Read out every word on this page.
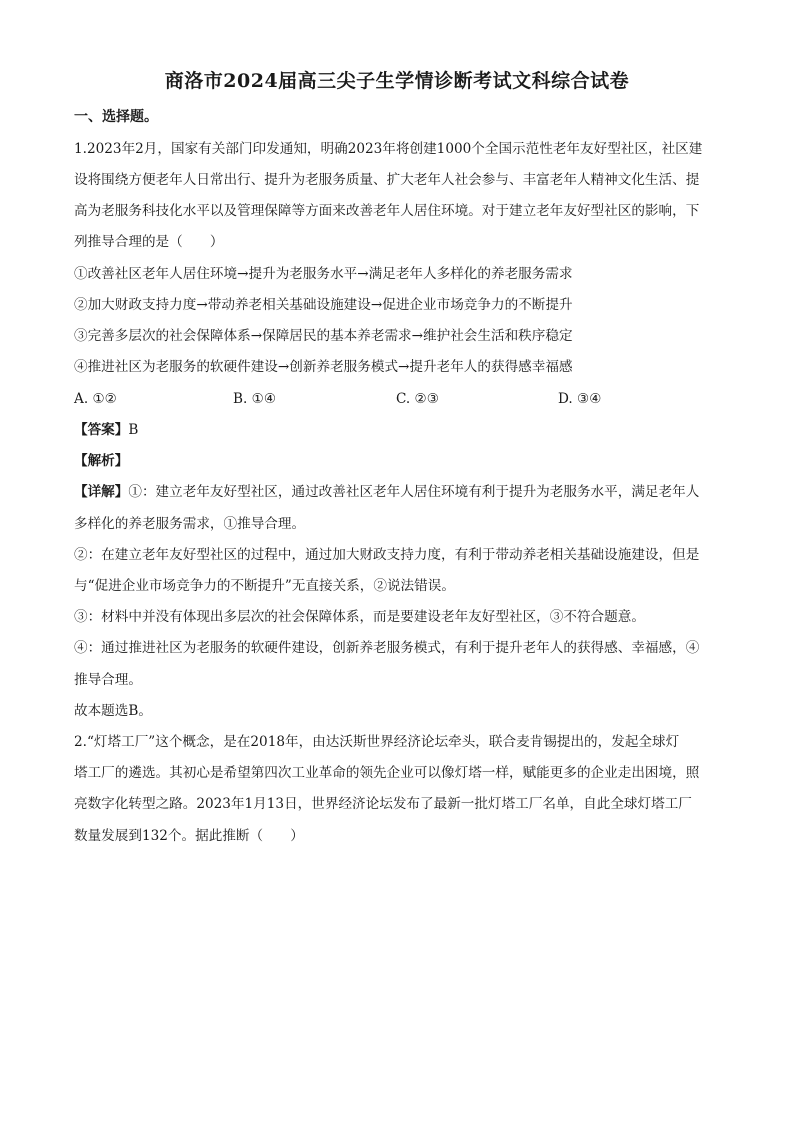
商洛市2024届高三尖子生学情诊断考试文科综合试卷
一、选择题。
1.2023年2月，国家有关部门印发通知，明确2023年将创建1000个全国示范性老年友好型社区，社区建
设将围绕方便老年人日常出行、提升为老服务质量、扩大老年人社会参与、丰富老年人精神文化生活、提
高为老服务科技化水平以及管理保障等方面来改善老年人居住环境。对于建立老年友好型社区的影响，下
列推导合理的是（　　）
①改善社区老年人居住环境→提升为老服务水平→满足老年人多样化的养老服务需求
②加大财政支持力度→带动养老相关基础设施建设→促进企业市场竞争力的不断提升
③完善多层次的社会保障体系→保障居民的基本养老需求→维护社会生活和秩序稳定
④推进社区为老服务的软硬件建设→创新养老服务模式→提升老年人的获得感幸福感
A. ①②	B. ①④	C. ②③	D. ③④
【答案】B
【解析】
【详解】①：建立老年友好型社区，通过改善社区老年人居住环境有利于提升为老服务水平，满足老年人
多样化的养老服务需求，①推导合理。
②：在建立老年友好型社区的过程中，通过加大财政支持力度，有利于带动养老相关基础设施建设，但是
与“促进企业市场竞争力的不断提升”无直接关系，②说法错误。
③：材料中并没有体现出多层次的社会保障体系，而是要建设老年友好型社区，③不符合题意。
④：通过推进社区为老服务的软硬件建设，创新养老服务模式，有利于提升老年人的获得感、幸福感，④
推导合理。
故本题选B。
2.“灯塔工厂”这个概念，是在2018年，由达沃斯世界经济论坛牵头，联合麦肯锡提出的，发起全球灯
塔工厂的遴选。其初心是希望第四次工业革命的领先企业可以像灯塔一样，赋能更多的企业走出困境，照
亮数字化转型之路。2023年1月13日，世界经济论坛发布了最新一批灯塔工厂名单，自此全球灯塔工厂
数量发展到132个。据此推断（　　）
